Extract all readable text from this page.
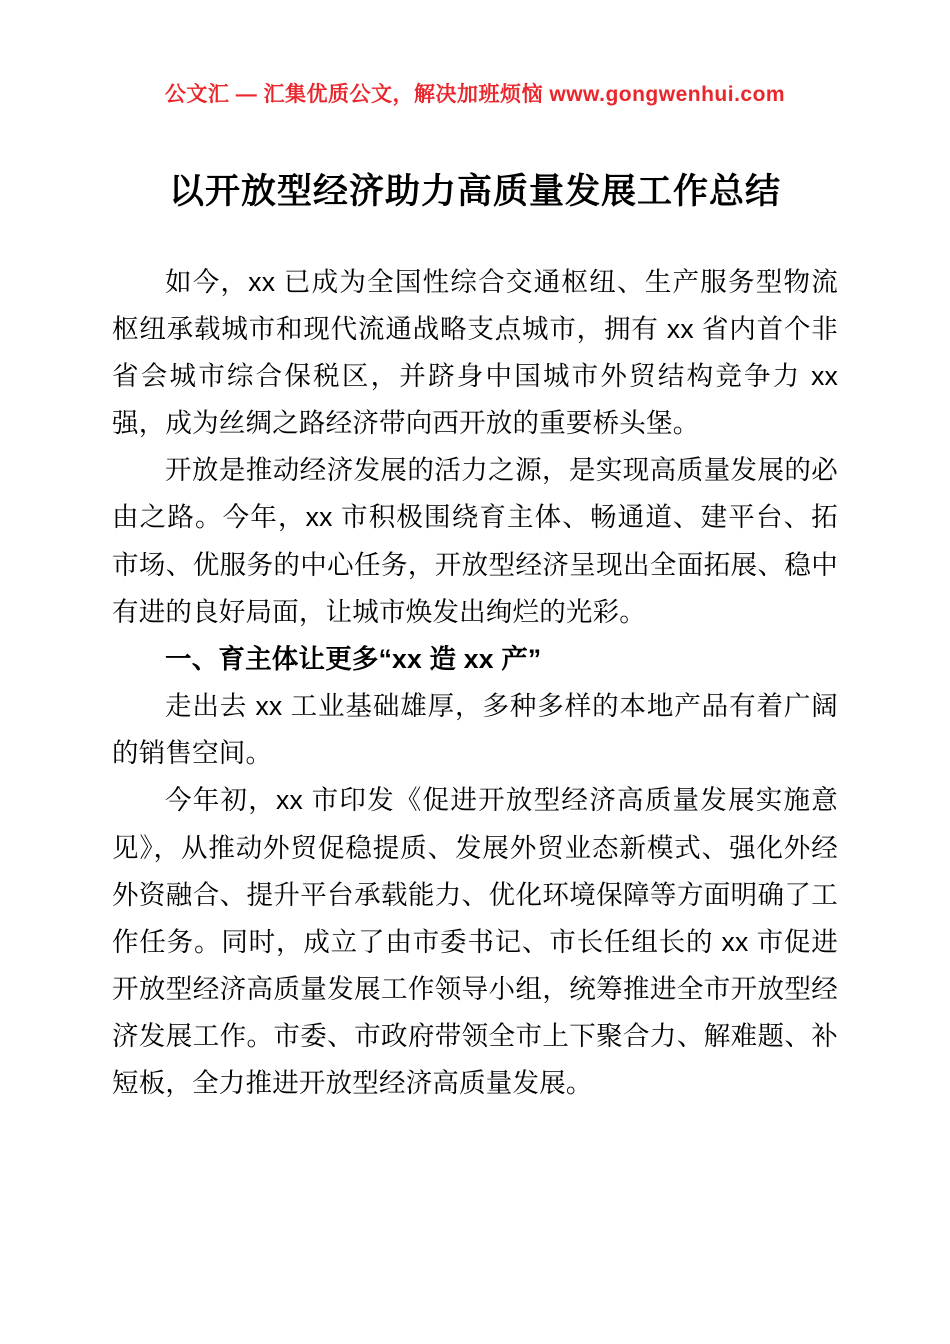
公文汇 — 汇集优质公文，解决加班烦恼 www.gongwenhui.com
以开放型经济助力高质量发展工作总结

如今，xx 已成为全国性综合交通枢纽、生产服务型物流枢纽承载城市和现代流通战略支点城市，拥有 xx 省内首个非省会城市综合保税区，并跻身中国城市外贸结构竞争力 xx 强，成为丝绸之路经济带向西开放的重要桥头堡。

开放是推动经济发展的活力之源，是实现高质量发展的必由之路。今年，xx 市积极围绕育主体、畅通道、建平台、拓市场、优服务的中心任务，开放型经济呈现出全面拓展、稳中有进的良好局面，让城市焕发出绚烂的光彩。

一、育主体让更多“xx 造 xx 产”

走出去 xx 工业基础雄厚，多种多样的本地产品有着广阔的销售空间。

今年初，xx 市印发《促进开放型经济高质量发展实施意见》，从推动外贸促稳提质、发展外贸业态新模式、强化外经外资融合、提升平台承载能力、优化环境保障等方面明确了工作任务。同时，成立了由市委书记、市长任组长的 xx 市促进开放型经济高质量发展工作领导小组，统筹推进全市开放型经济发展工作。市委、市政府带领全市上下聚合力、解难题、补短板，全力推进开放型经济高质量发展。
